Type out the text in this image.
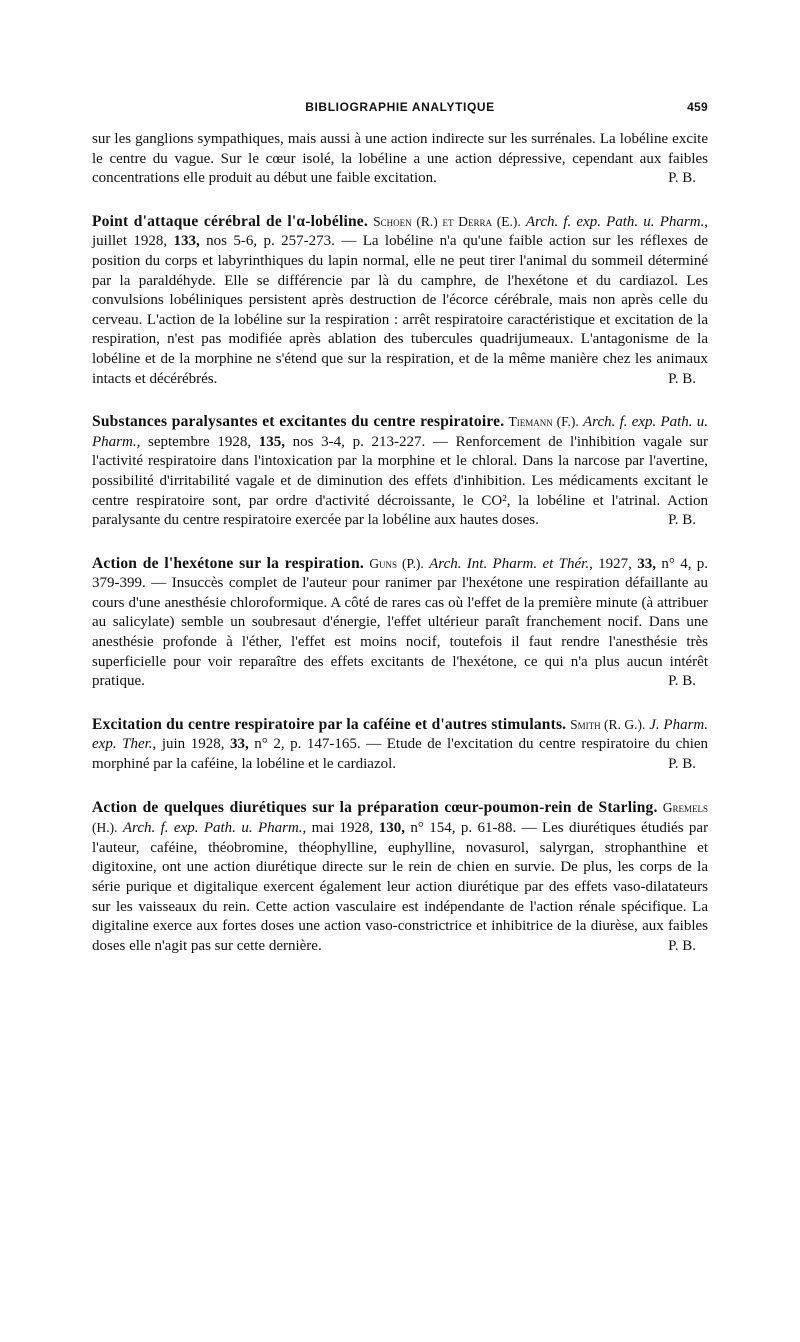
BIBLIOGRAPHIE ANALYTIQUE	459

sur les ganglions sympathiques, mais aussi à une action indirecte sur les surrénales. La lobéline excite le centre du vague. Sur le cœur isolé, la lobéline a une action dépressive, cependant aux faibles concentrations elle produit au début une faible excitation.	P. B.

Point d'attaque cérébral de l'α-lobéline. Schoen (R.) et Derra (E.). Arch. f. exp. Path. u. Pharm., juillet 1928, 133, nos 5-6, p. 257-273. — La lobéline n'a qu'une faible action sur les réflexes de position du corps et labyrinthiques du lapin normal, elle ne peut tirer l'animal du sommeil déterminé par la paraldéhyde. Elle se différencie par là du camphre, de l'hexétone et du cardiazol. Les convulsions lobéliniques persistent après destruction de l'écorce cérébrale, mais non après celle du cerveau. L'action de la lobéline sur la respiration : arrêt respiratoire caractéristique et excitation de la respiration, n'est pas modifiée après ablation des tubercules quadrijumeaux. L'antagonisme de la lobéline et de la morphine ne s'étend que sur la respiration, et de la même manière chez les animaux intacts et décérébrés.	P. B.

Substances paralysantes et excitantes du centre respiratoire. Tiemann (F.). Arch. f. exp. Path. u. Pharm., septembre 1928, 135, nos 3-4, p. 213-227. — Renforcement de l'inhibition vagale sur l'activité respiratoire dans l'intoxication par la morphine et le chloral. Dans la narcose par l'avertine, possibilité d'irritabilité vagale et de diminution des effets d'inhibition. Les médicaments excitant le centre respiratoire sont, par ordre d'activité décroissante, le CO², la lobéline et l'atrinal. Action paralysante du centre respiratoire exercée par la lobéline aux hautes doses.	P. B.

Action de l'hexétone sur la respiration. Guns (P.). Arch. Int. Pharm. et Thér., 1927, 33, n° 4, p. 379-399. — Insuccès complet de l'auteur pour ranimer par l'hexétone une respiration défaillante au cours d'une anesthésie chloroformique. A côté de rares cas où l'effet de la première minute (à attribuer au salicylate) semble un soubresaut d'énergie, l'effet ultérieur paraît franchement nocif. Dans une anesthésie profonde à l'éther, l'effet est moins nocif, toutefois il faut rendre l'anesthésie très superficielle pour voir reparaître des effets excitants de l'hexétone, ce qui n'a plus aucun intérêt pratique.	P. B.

Excitation du centre respiratoire par la caféine et d'autres stimulants. Smith (R. G.). J. Pharm. exp. Ther., juin 1928, 33, n° 2, p. 147-165. — Etude de l'excitation du centre respiratoire du chien morphiné par la caféine, la lobéline et le cardiazol.	P. B.

Action de quelques diurétiques sur la préparation cœur-poumon-rein de Starling. Gremels (H.). Arch. f. exp. Path. u. Pharm., mai 1928, 130, n° 154, p. 61-88. — Les diurétiques étudiés par l'auteur, caféine, théobromine, théophylline, euphylline, novasurol, salyrgan, strophanthine et digitoxine, ont une action diurétique directe sur le rein de chien en survie. De plus, les corps de la série purique et digitalique exercent également leur action diurétique par des effets vaso-dilatateurs sur les vaisseaux du rein. Cette action vasculaire est indépendante de l'action rénale spécifique. La digitaline exerce aux fortes doses une action vaso-constrictrice et inhibitrice de la diurèse, aux faibles doses elle n'agit pas sur cette dernière.	P. B.
